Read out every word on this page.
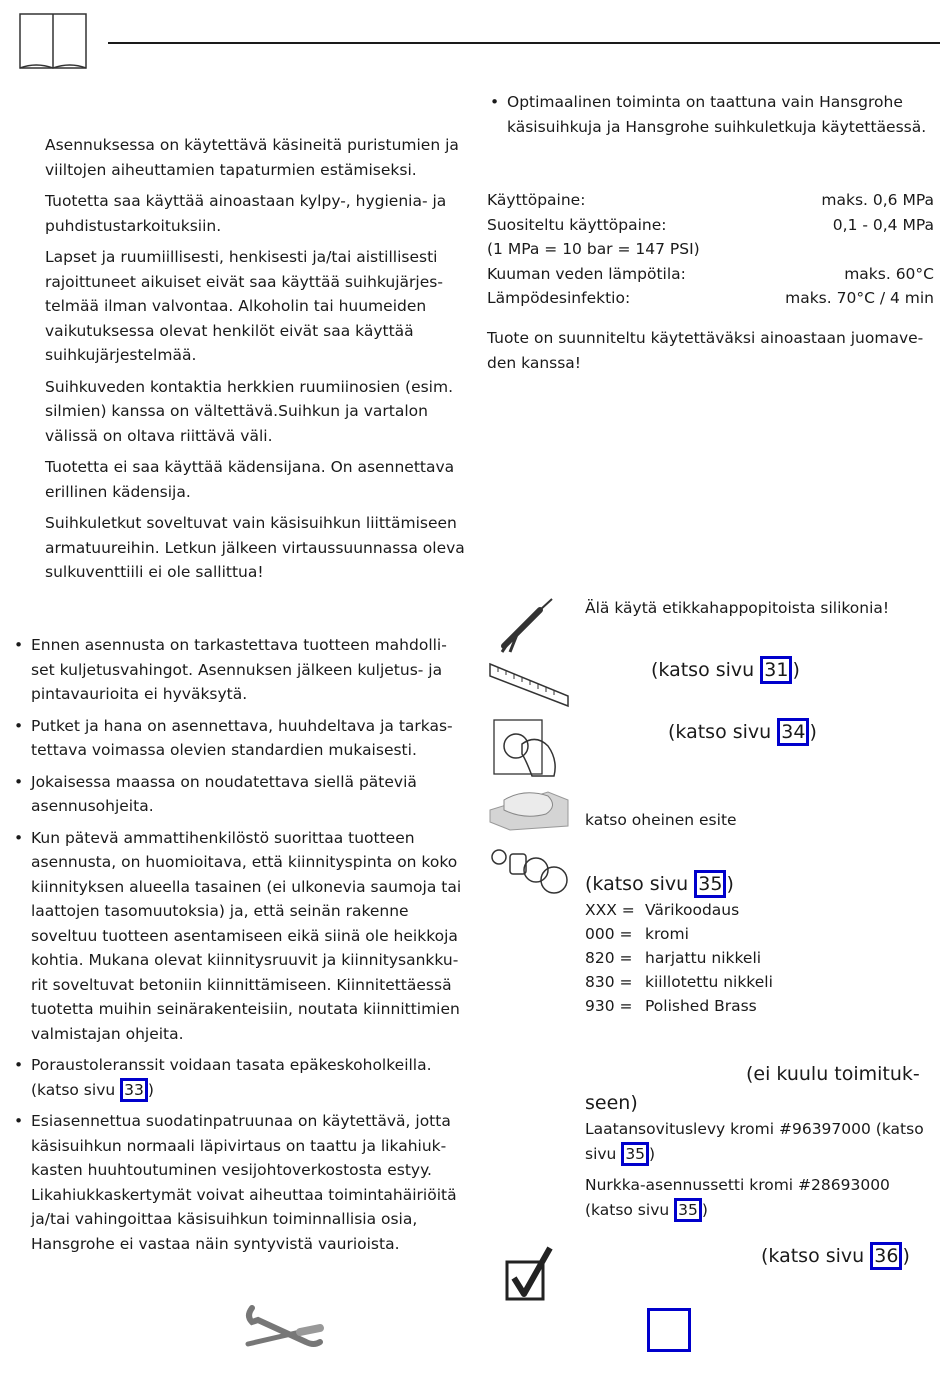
Asennuksessa on käytettävä käsineitä puristumien ja viiltojen aiheuttamien tapaturmien estämiseksi.

Tuotetta saa käyttää ainoastaan kylpy-, hygienia- ja puhdistustarkoituksiin.

Lapset ja ruumiillisesti, henkisesti ja/tai aistillisesti rajoittuneet aikuiset eivät saa käyttää suihkujärjes-telmää ilman valvontaa. Alkoholin tai huumeiden vaikutuksessa olevat henkilöt eivät saa käyttää suihkujärjestelmää.

Suihkuveden kontaktia herkkien ruumiinosien (esim. silmien) kanssa on vältettävä.Suihkun ja vartalon välissä on oltava riittävä väli.

Tuotetta ei saa käyttää kädensijana. On asennettava erillinen kädensija.

Suihkuletkut soveltuvat vain käsisuihkun liittämiseen armatuureihin. Letkun jälkeen virtaussuunnassa oleva sulkuventtiili ei ole sallittua!

• Ennen asennusta on tarkastettava tuotteen mahdolli-set kuljetusvahingot. Asennuksen jälkeen kuljetus- ja pintavaurioita ei hyväksytä.

• Putket ja hana on asennettava, huuhdeltava ja tarkas-tettava voimassa olevien standardien mukaisesti.

• Jokaisessa maassa on noudatettava siellä päteviä asennusohjeita.

• Kun pätevä ammattihenkilöstö suorittaa tuotteen asennusta, on huomioitava, että kiinnityspinta on koko kiinnityksen alueella tasainen (ei ulkonevia saumoja tai laattojen tasomuutoksia) ja, että seinän rakenne soveltuu tuotteen asentamiseen eikä siinä ole heikkoja kohtia. Mukana olevat kiinnitysruuvit ja kiinnitysankku-rit soveltuvat betoniin kiinnittämiseen. Kiinnitettäessä tuotetta muihin seinärakenteisiin, noutata kiinnittimien valmistajan ohjeita.

• Poraustoleranssit voidaan tasata epäkeskoholkeilla.
(katso sivu 33 )

• Esiasennettua suodatinpatruunaa on käytettävä, jotta käsisuihkun normaali läpivirtaus on taattu ja likahiuk-kasten huuhtoutuminen vesijohtoverkostosta estyy. Likahiukkaskertymät voivat aiheuttaa toimintahäiriöitä ja/tai vahingoittaa käsisuihkun toiminnallisia osia, Hansgrohe ei vastaa näin syntyvistä vaurioista.

• Optimaalinen toiminta on taattuna vain Hansgrohe käsisuihkuja ja Hansgrohe suihkuletkuja käytettäessä.

Käyttöpaine:	maks. 0,6 MPa
Suositeltu käyttöpaine:	0,1 - 0,4 MPa
(1 MPa = 10 bar = 147 PSI)
Kuuman veden lämpötila:	maks. 60°C
Lämpödesinfektio:	maks. 70°C / 4 min

Tuote on suunniteltu käytettäväksi ainoastaan juomave-den kanssa!

Älä käytä etikkahappopitoista silikonia!

(katso sivu 31 )
(katso sivu 34 )

katso oheinen esite

(katso sivu 35 )
XXX = Värikoodaus
000 = kromi
820 = harjattu nikkeli
830 = kiillotettu nikkeli
930 = Polished Brass

(ei kuulu toimituk-

seen)

Laatansovituslevy kromi #96397000 (katso sivu 35 )

Nurkka-asennussetti kromi #28693000 (katso sivu 35 )

(katso sivu 36 )
